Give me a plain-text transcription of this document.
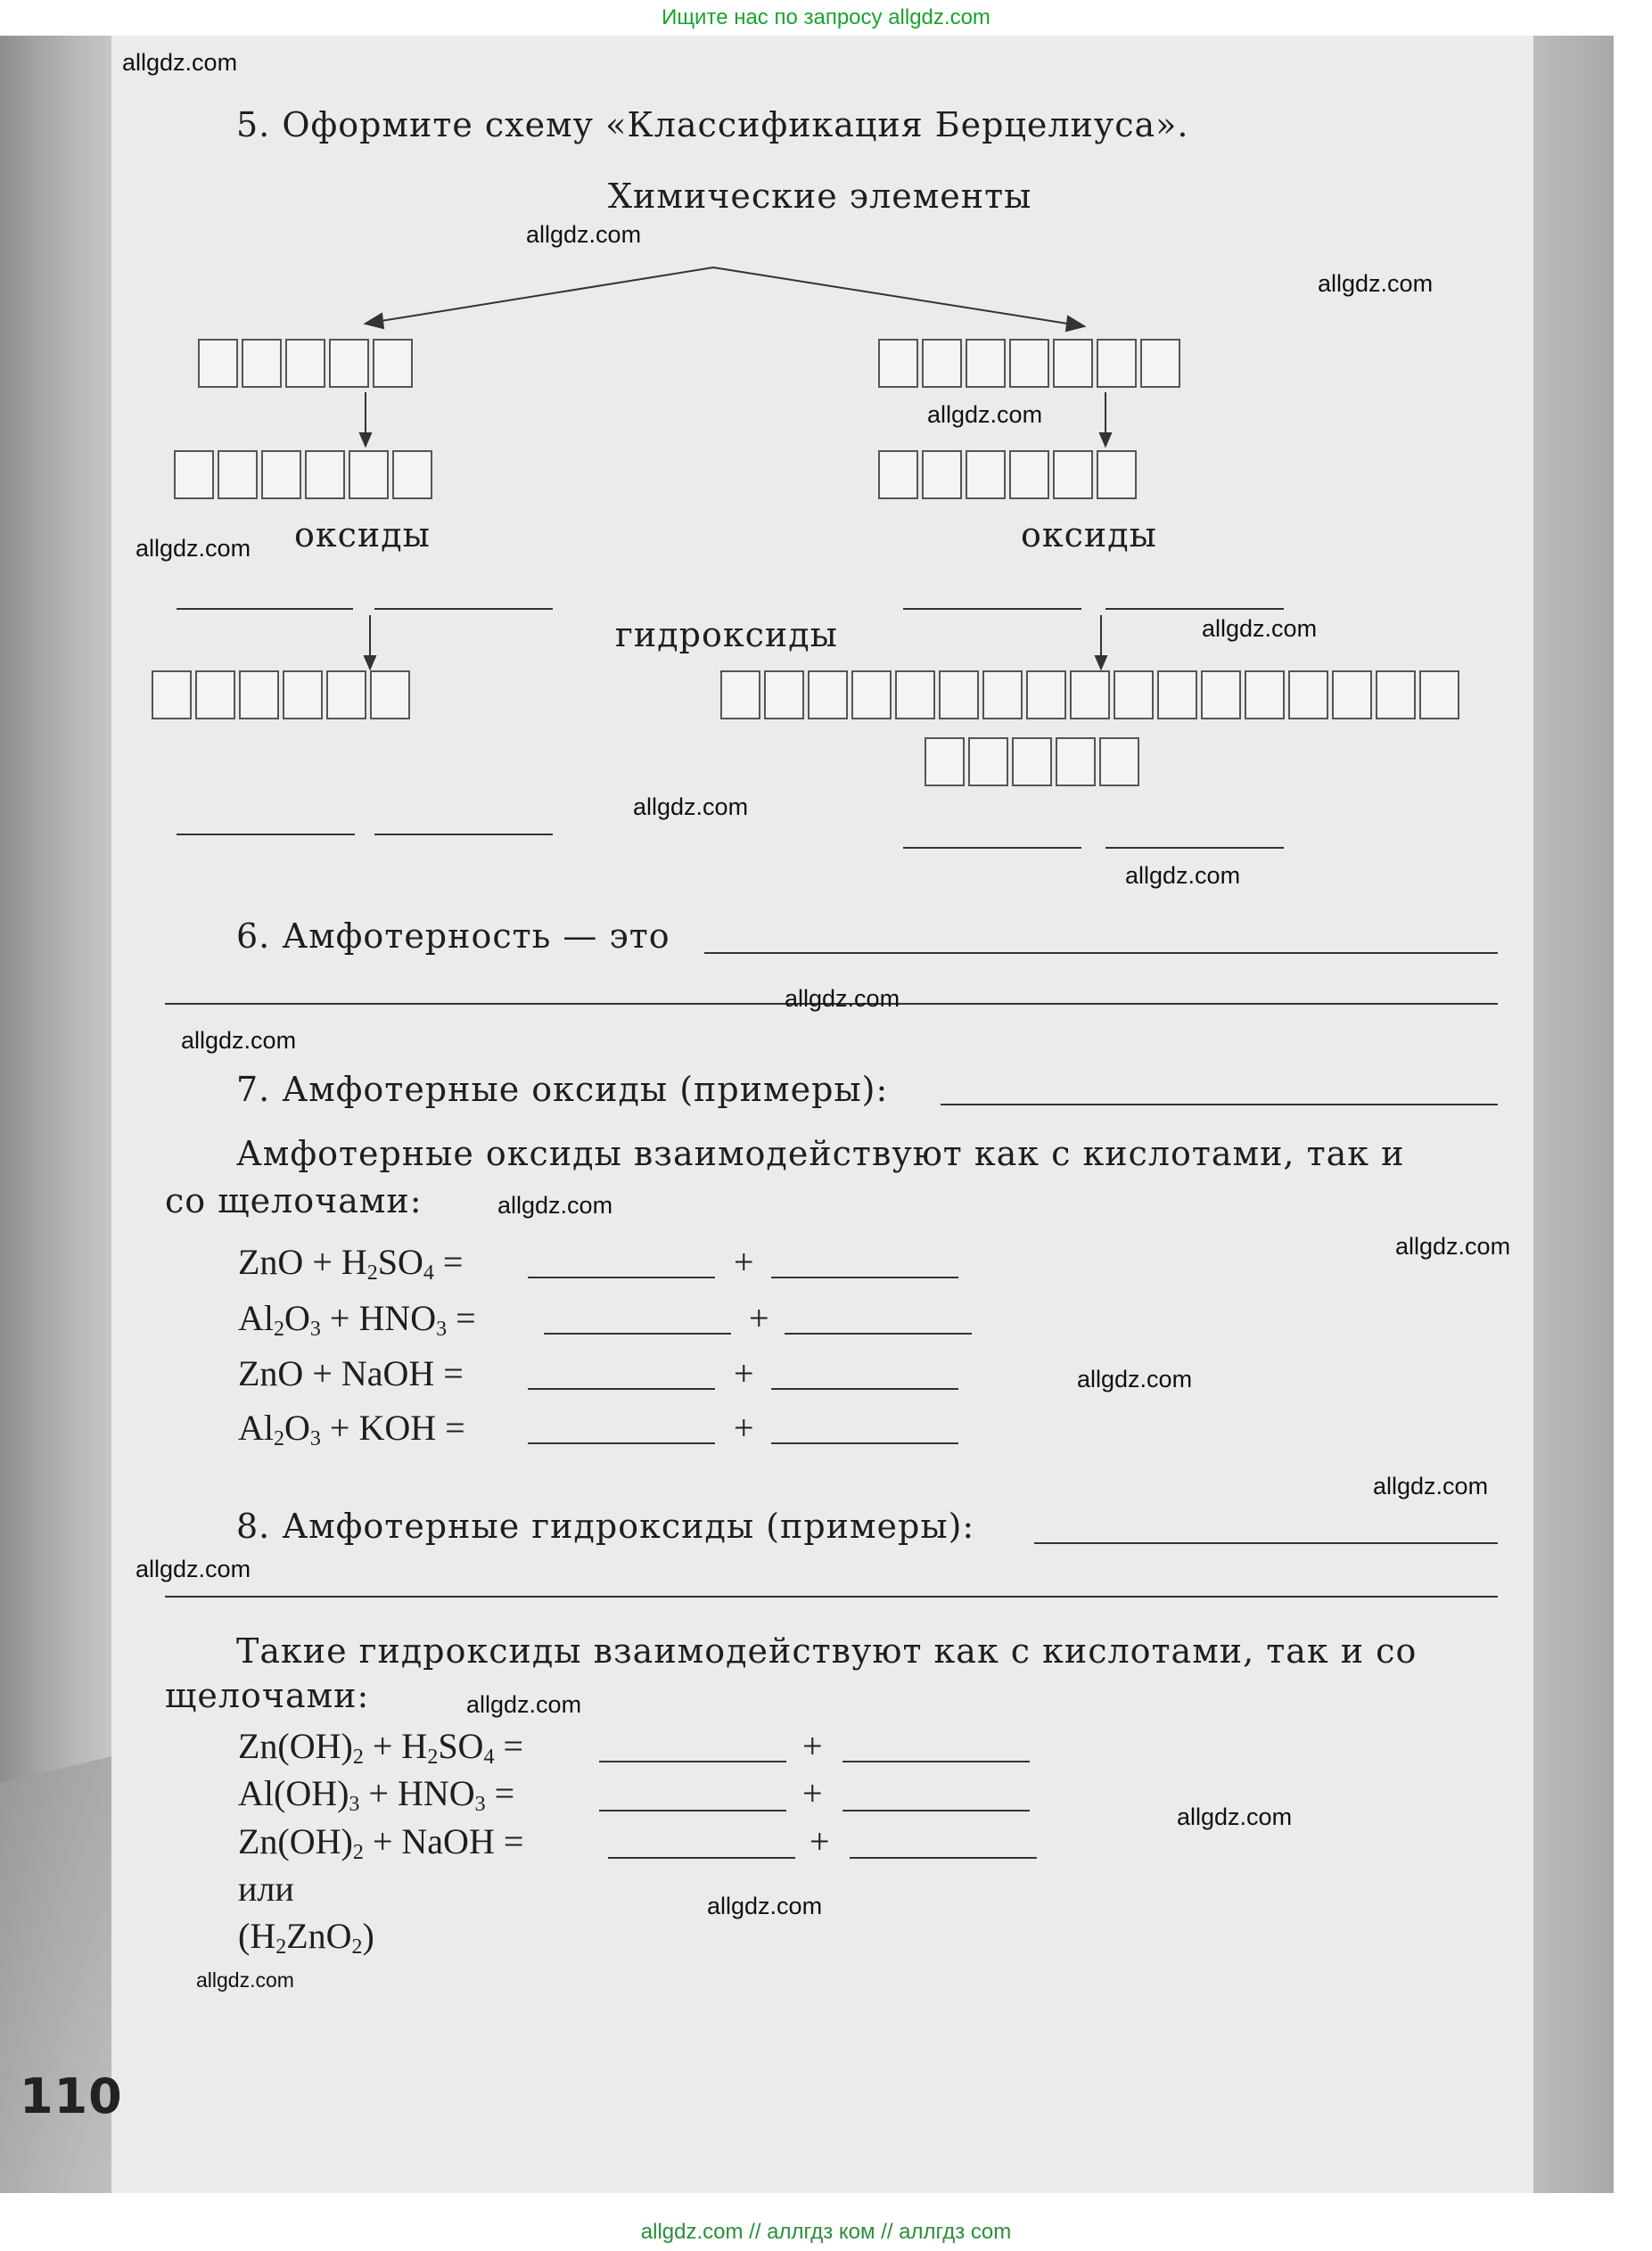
Ищите нас по запросу allgdz.com
110
5. Оформите схему «Классификация Берцелиуса».
Химические элементы
оксиды	оксиды
гидроксиды
6. Амфотерность — это
7. Амфотерные оксиды (примеры):
Амфотерные оксиды взаимодействуют как с кислотами, так и
со щелочами:
ZnO + $H_2SO_4$ =	+
$Al_2O_3 + HNO_3$ =	+
ZnO + NaOH =	+
$Al_2O_3$ + KOH =	+
8. Амфотерные гидроксиды (примеры):
Такие гидроксиды взаимодействуют как с кислотами, так и со
щелочами:
$Zn(OH)_2 + H_2SO_4$ =	+
$Al(OH)_3 + HNO_3$ =	+
$Zn(OH)_2$ + NaOH =	+
или
$(H_2ZnO_2)$
allgdz.com
allgdz.com
allgdz.com
allgdz.com
allgdz.com
allgdz.com
allgdz.com
allgdz.com
allgdz.com
allgdz.com
allgdz.com
allgdz.com
allgdz.com
allgdz.com
allgdz.com
allgdz.com
allgdz.com
allgdz.com
allgdz.com
allgdz.com // аллгдз ком // аллгдз com
